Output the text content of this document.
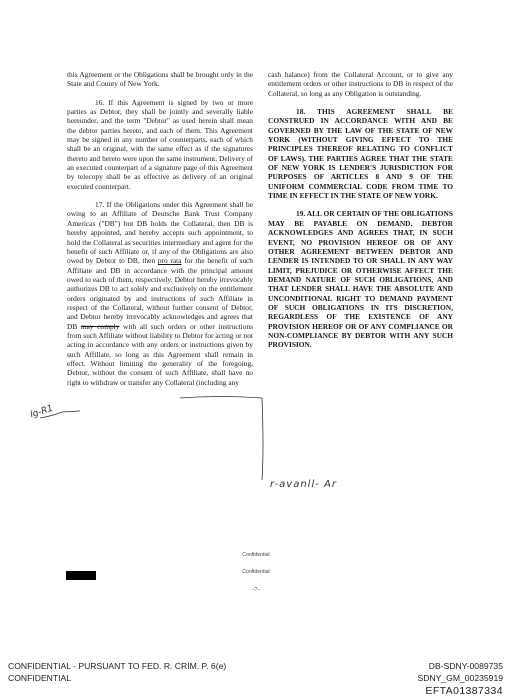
this Agreement or the Obligations shall be brought only in the State and County of New York.

16. If this Agreement is signed by two or more parties as Debtor, they shall be jointly and severally liable hereunder, and the term "Debtor" as used herein shall mean the debtor parties hereto, and each of them. This Agreement may be signed in any number of counterparts, each of which shall be an original, with the same effect as if the signatures thereto and hereto were upon the same instrument. Delivery of an executed counterpart of a signature page of this Agreement by telecopy shall be as effective as delivery of an original executed counterpart.

17. If the Obligations under this Agreement shall be owing to an Affiliate of Deutsche Bank Trust Company Americas ("DB") but DB holds the Collateral, then DB is hereby appointed, and hereby accepts such appointment, to hold the Collateral as securities intermediary and agent for the benefit of such Affiliate or, if any of the Obligations are also owed by Debtor to DB, then pro rata for the benefit of such Affiliate and DB in accordance with the principal amount owed to each of them, respectively. Debtor hereby irrevocably authorizes DB to act solely and exclusively on the entitlement orders originated by and instructions of such Affiliate in respect of the Collateral, without further consent of Debtor, and Debtor hereby irrevocably acknowledges and agrees that DB may comply with all such orders or other instructions from such Affiliate without liability to Debtor for acting or not acting in accordance with any orders or instructions given by such Affiliate, so long as this Agreement shall remain in effect. Without limiting the generality of the foregoing, Debtor, without the consent of such Affiliate, shall have no right to withdraw or transfer any Collateral (including any

cash balance) from the Collateral Account, or to give any entitlement orders or other instructions to DB in respect of the Collateral, so long as any Obligation is outstanding.

18. THIS AGREEMENT SHALL BE CONSTRUED IN ACCORDANCE WITH AND BE GOVERNED BY THE LAW OF THE STATE OF NEW YORK (WITHOUT GIVING EFFECT TO THE PRINCIPLES THEREOF RELATING TO CONFLICT OF LAWS). THE PARTIES AGREE THAT THE STATE OF NEW YORK IS LENDER'S JURISDICTION FOR PURPOSES OF ARTICLES 8 AND 9 OF THE UNIFORM COMMERCIAL CODE FROM TIME TO TIME IN EFFECT IN THE STATE OF NEW YORK.

19. ALL OR CERTAIN OF THE OBLIGATIONS MAY BE PAYABLE ON DEMAND. DEBTOR ACKNOWLEDGES AND AGREES THAT, IN SUCH EVENT, NO PROVISION HEREOF OR OF ANY OTHER AGREEMENT BETWEEN DEBTOR AND LENDER IS INTENDED TO OR SHALL IN ANY WAY LIMIT, PREJUDICE OR OTHERWISE AFFECT THE DEMAND NATURE OF SUCH OBLIGATIONS, AND THAT LENDER SHALL HAVE THE ABSOLUTE AND UNCONDITIONAL RIGHT TO DEMAND PAYMENT OF SUCH OBLIGATIONS IN ITS DISCRETION, REGARDLESS OF THE EXISTENCE OF ANY PROVISION HEREOF OR OF ANY COMPLIANCE OR NON-COMPLIANCE BY DEBTOR WITH ANY SUCH PROVISION.

lg-R1
r-avanll- Ar
Confidential
Confidential
-7-
CONFIDENTIAL - PURSUANT TO FED. R. CRIM. P. 6(e)
CONFIDENTIAL
DB-SDNY-0089735
SDNY_GM_00235919
EFTA01387334
